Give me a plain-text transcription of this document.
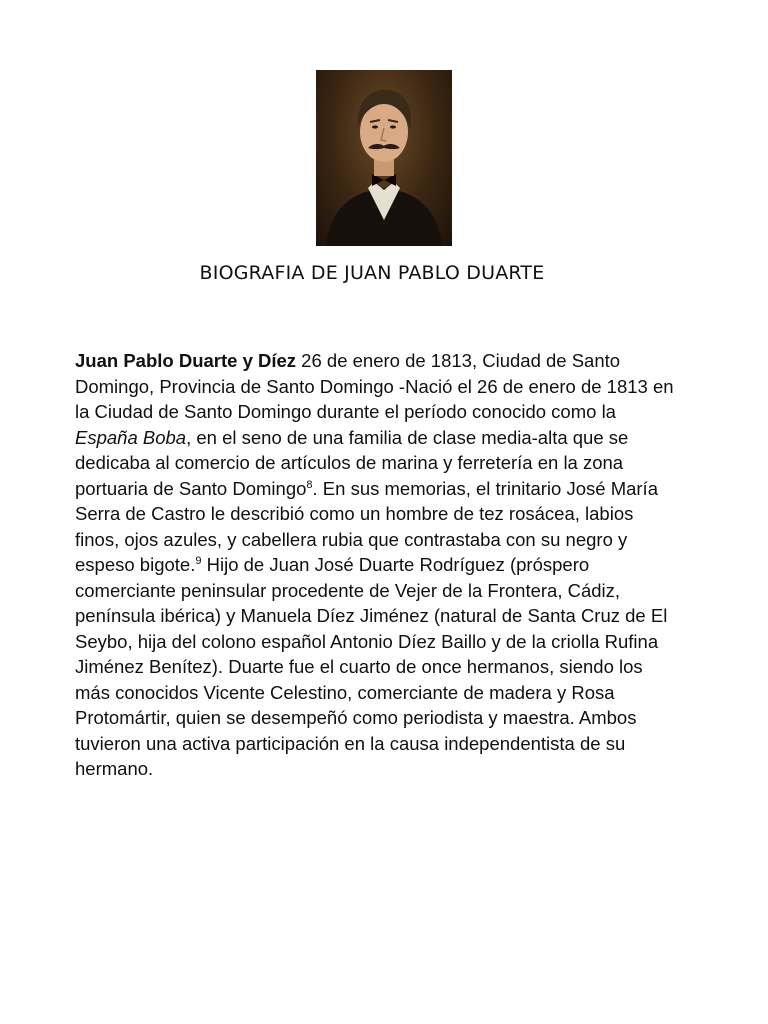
BIOGRAFIA DE JUAN PABLO DUARTE

Juan Pablo Duarte y Díez 26 de enero de 1813, Ciudad de Santo Domingo, Provincia de Santo Domingo -Nació el 26 de enero de 1813 en la Ciudad de Santo Domingo durante el período conocido como la España Boba, en el seno de una familia de clase media-alta que se dedicaba al comercio de artículos de marina y ferretería en la zona portuaria de Santo Domingo$^8$. En sus memorias, el trinitario José María Serra de Castro le describió como un hombre de tez rosácea, labios finos, ojos azules, y cabellera rubia que contrastaba con su negro y espeso bigote.$^9$ Hijo de Juan José Duarte Rodríguez (próspero comerciante peninsular procedente de Vejer de la Frontera, Cádiz, península ibérica) y Manuela Díez Jiménez (natural de Santa Cruz de El Seybo, hija del colono español Antonio Díez Baillo y de la criolla Rufina Jiménez Benítez). Duarte fue el cuarto de once hermanos, siendo los más conocidos Vicente Celestino, comerciante de madera y Rosa Protomártir, quien se desempeñó como periodista y maestra. Ambos tuvieron una activa participación en la causa independentista de su hermano.
